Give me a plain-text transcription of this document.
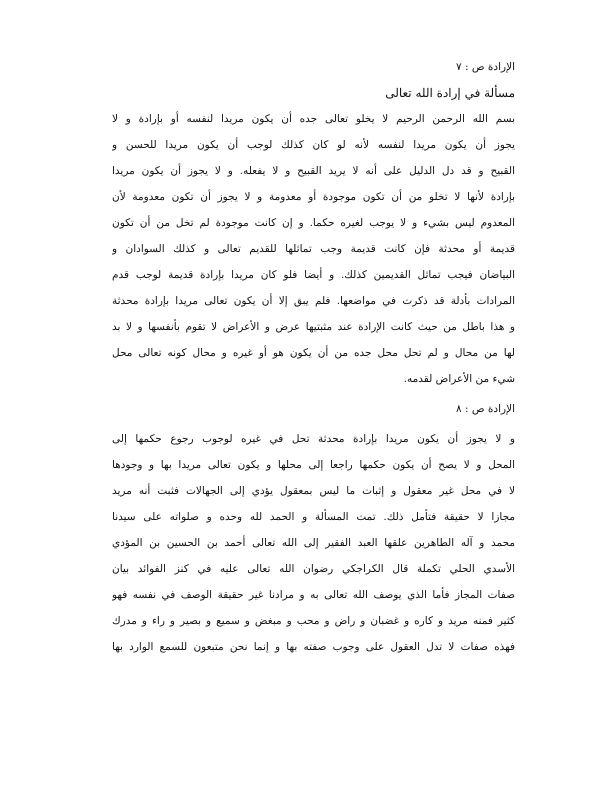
الإرادة ص : ٧

مسألة في إرادة الله تعالى

بسم الله الرحمن الرحيم لا يخلو تعالى جده أن يكون مريدا لنفسه أو بإرادة و لا

يجوز أن يكون مريدا لنفسه لأنه لو كان كذلك لوجب أن يكون مريدا للحسن و

القبيح و قد دل الدليل على أنه لا يريد القبيح و لا يفعله. و لا يجوز أن يكون مريدا

بإرادة لأنها لا تخلو من أن تكون موجودة أو معدومة و لا يجوز أن تكون معدومة لأن

المعدوم ليس بشيء و لا يوجب لغيره حكما. و إن كانت موجودة لم تخل من أن تكون

قديمة أو محدثة فإن كانت قديمة وجب تماثلها للقديم تعالى و كذلك السوادان و

البياضان فيجب تماثل القديمين كذلك. و أيضا فلو كان مريدا بإرادة قديمة لوجب قدم

المرادات بأدلة قد ذكرت في مواضعها. فلم يبق إلا أن يكون تعالى مريدا بإرادة محدثة

و هذا باطل من حيث كانت الإرادة عند مثبتيها عرض و الأعراض لا تقوم بأنفسها و لا بد

لها من محال و لم تحل محل جده من أن يكون هو أو غيره و محال كونه تعالى محل

شيء من الأعراض لقدمه.

الإرادة ص : ٨

و لا يجوز أن يكون مريدا بإرادة محدثة تحل في غيره لوجوب رجوع حكمها إلى

المحل و لا يصح أن يكون حكمها راجعا إلى محلها و يكون تعالى مريدا بها و وجودها

لا في محل غير معقول و إثبات ما ليس بمعقول يؤدي إلى الجهالات فثبت أنه مريد

مجازا لا حقيقة فتأمل ذلك. تمت المسألة و الحمد لله وحده و صلواته على سيدنا

محمد و آله الطاهرين علقها العبد الفقير إلى الله تعالى أحمد بن الحسين بن المؤدي

الأسدي الحلي تكملة قال الكراجكي رضوان الله تعالى عليه في كنز الفوائد بيان

صفات المجاز فأما الذي يوصف الله تعالى به و مرادنا غير حقيقة الوصف في نفسه فهو

كثير فمنه مريد و كاره و غضبان و راض و محب و مبغض و سميع و بصير و راء و مدرك

فهذه صفات لا تدل العقول على وجوب صفته بها و إنما نحن متبعون للسمع الوارد بها
